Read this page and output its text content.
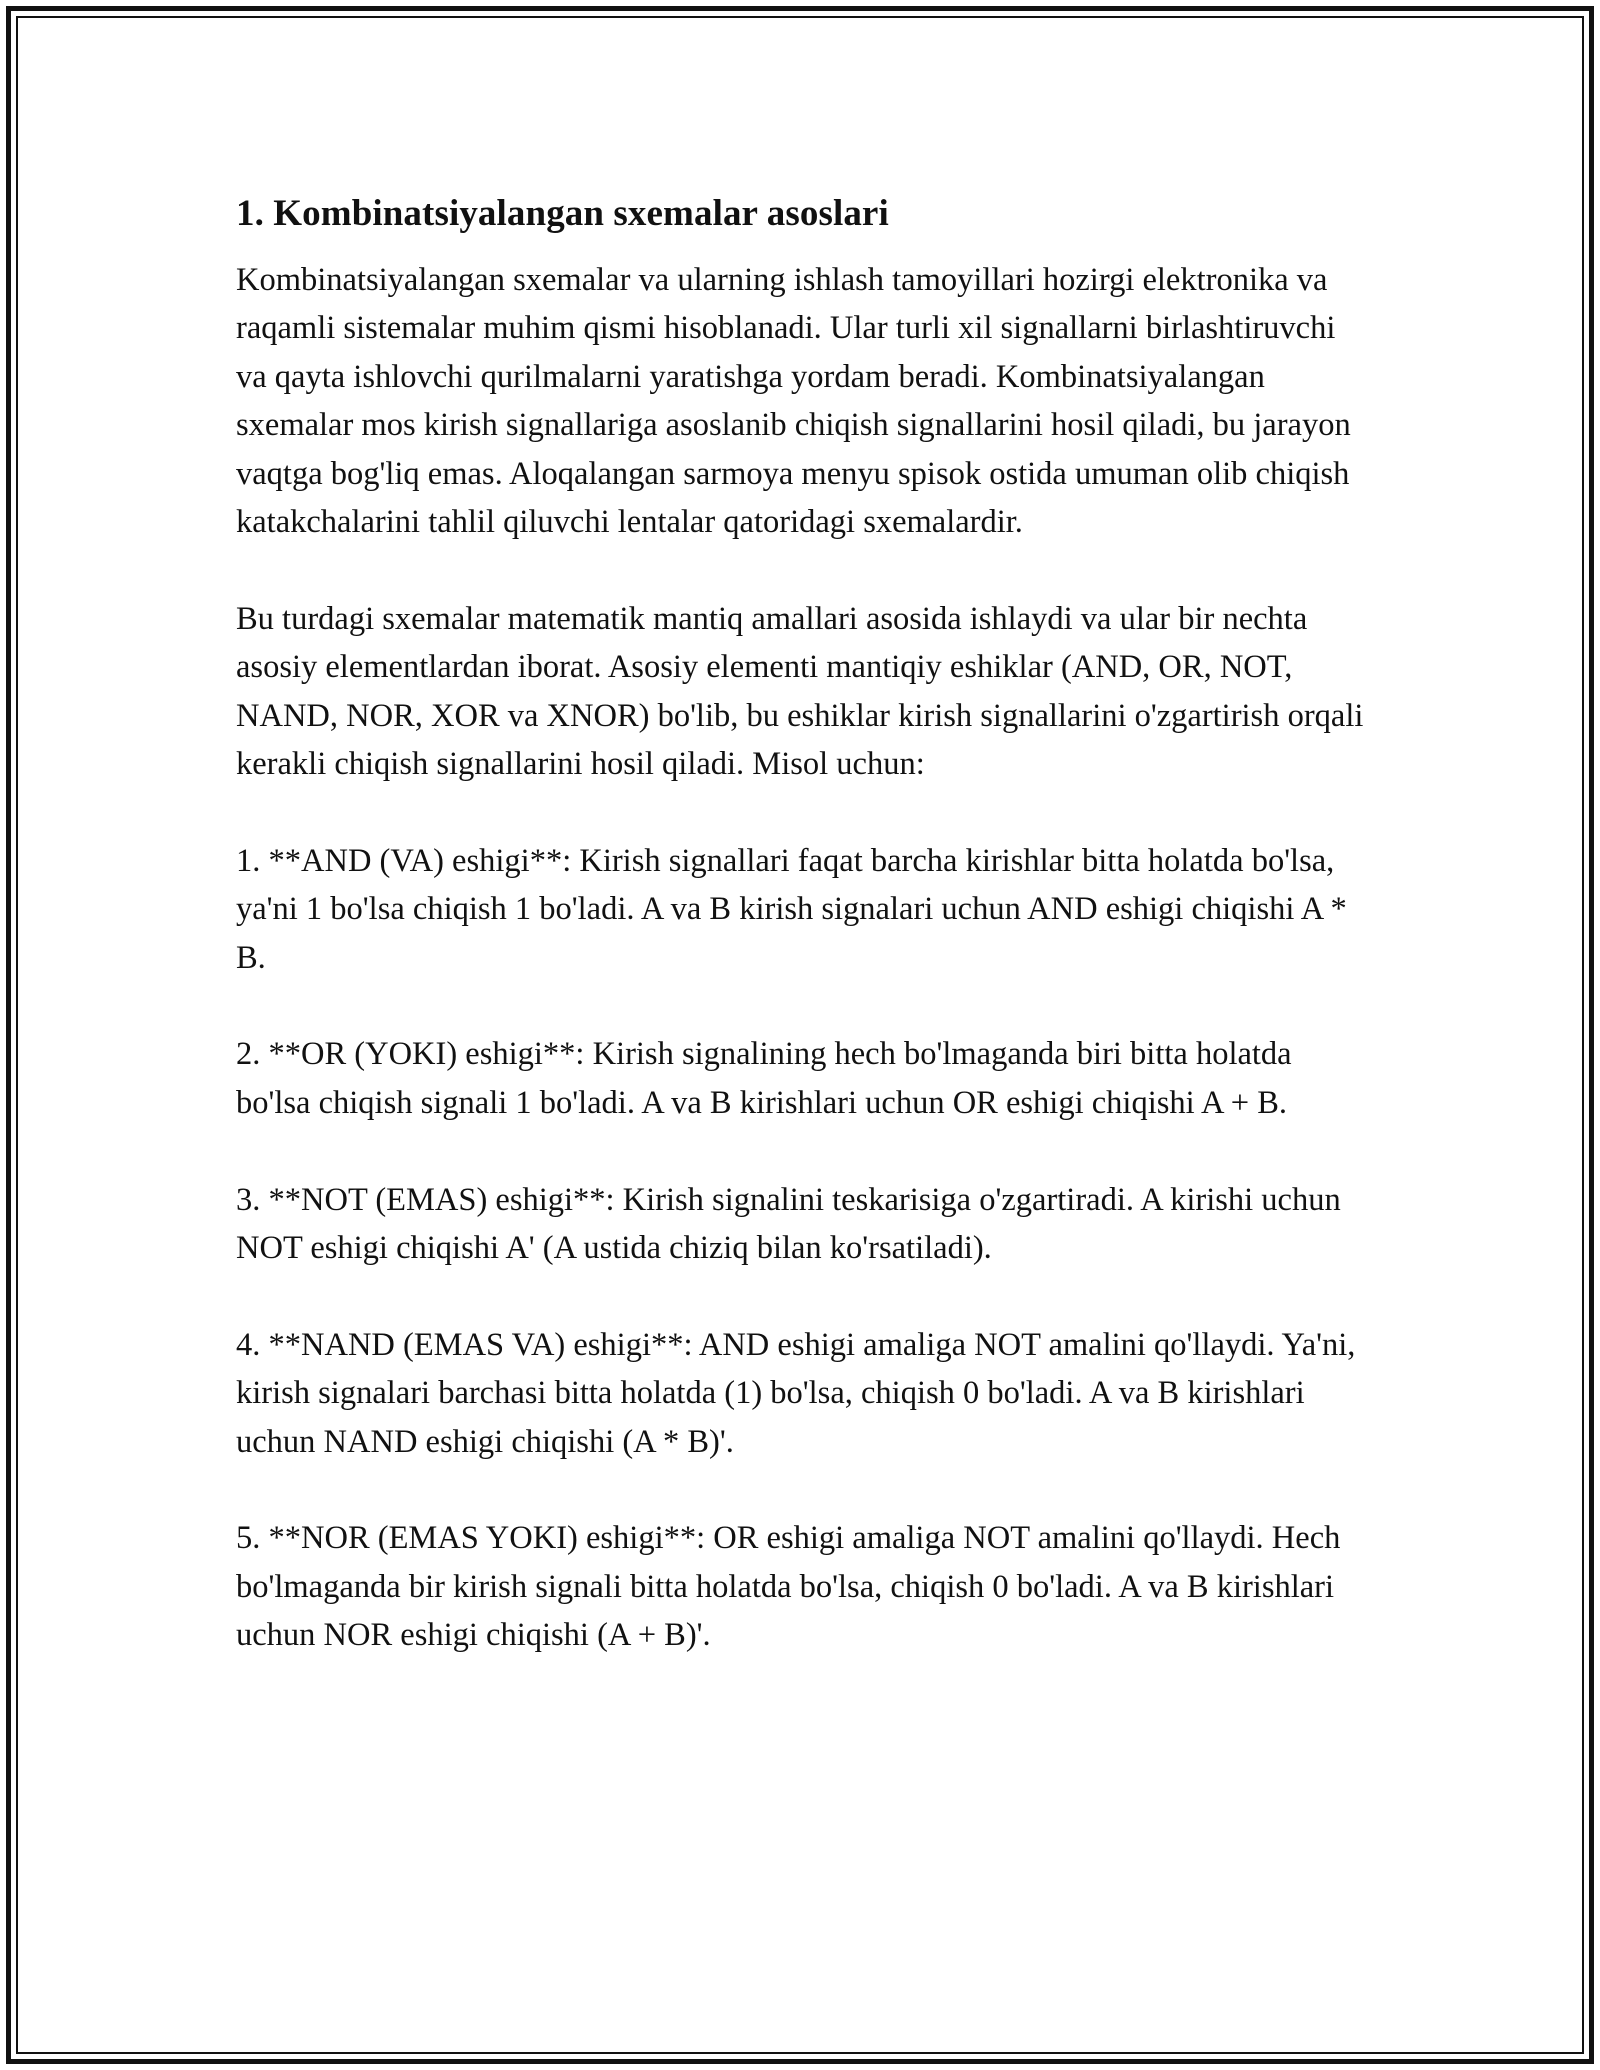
1. Kombinatsiyalangan sxemalar asoslari

Kombinatsiyalangan sxemalar va ularning ishlash tamoyillari hozirgi elektronika va raqamli sistemalar muhim qismi hisoblanadi. Ular turli xil signallarni birlashtiruvchi va qayta ishlovchi qurilmalarni yaratishga yordam beradi. Kombinatsiyalangan sxemalar mos kirish signallariga asoslanib chiqish signallarini hosil qiladi, bu jarayon vaqtga bog'liq emas. Aloqalangan sarmoya menyu spisok ostida umuman olib chiqish katakchalarini tahlil qiluvchi lentalar qatoridagi sxemalardir.

Bu turdagi sxemalar matematik mantiq amallari asosida ishlaydi va ular bir nechta asosiy elementlardan iborat. Asosiy elementi mantiqiy eshiklar (AND, OR, NOT, NAND, NOR, XOR va XNOR) bo'lib, bu eshiklar kirish signallarini o'zgartirish orqali kerakli chiqish signallarini hosil qiladi. Misol uchun:

1. **AND (VA) eshigi**: Kirish signallari faqat barcha kirishlar bitta holatda bo'lsa, ya'ni 1 bo'lsa chiqish 1 bo'ladi. A va B kirish signalari uchun AND eshigi chiqishi A * B.

2. **OR (YOKI) eshigi**: Kirish signalining hech bo'lmaganda biri bitta holatda bo'lsa chiqish signali 1 bo'ladi. A va B kirishlari uchun OR eshigi chiqishi A + B.

3. **NOT (EMAS) eshigi**: Kirish signalini teskarisiga o'zgartiradi. A kirishi uchun NOT eshigi chiqishi A' (A ustida chiziq bilan ko'rsatiladi).

4. **NAND (EMAS VA) eshigi**: AND eshigi amaliga NOT amalini qo'llaydi. Ya'ni, kirish signalari barchasi bitta holatda (1) bo'lsa, chiqish 0 bo'ladi. A va B kirishlari uchun NAND eshigi chiqishi (A * B)'.

5. **NOR (EMAS YOKI) eshigi**: OR eshigi amaliga NOT amalini qo'llaydi. Hech bo'lmaganda bir kirish signali bitta holatda bo'lsa, chiqish 0 bo'ladi. A va B kirishlari uchun NOR eshigi chiqishi (A + B)'.
